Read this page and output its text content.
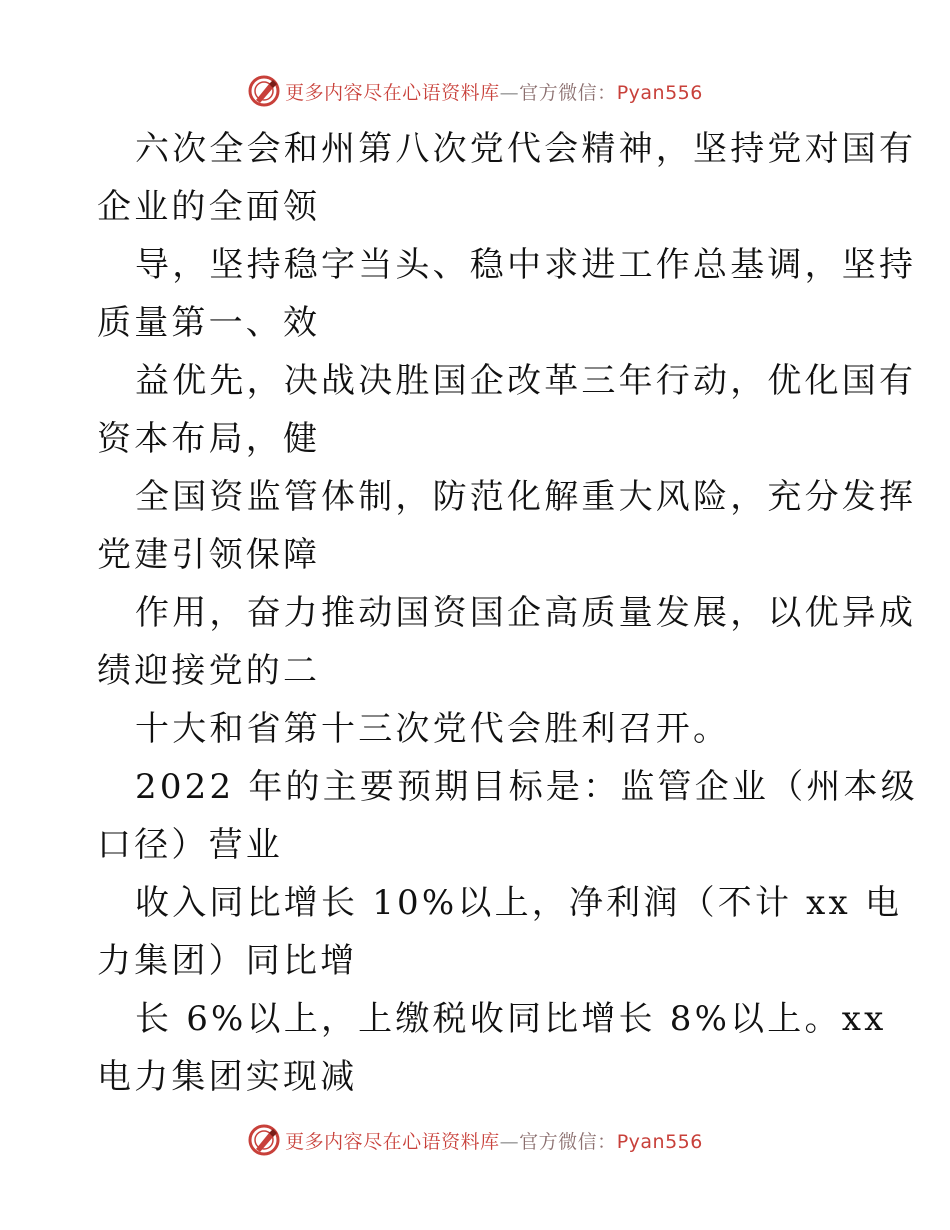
更多内容尽在心语资料库—官方微信：Pyan556
六次全会和州第八次党代会精神，坚持党对国有
企业的全面领
导，坚持稳字当头、稳中求进工作总基调，坚持
质量第一、效
益优先，决战决胜国企改革三年行动，优化国有
资本布局，健
全国资监管体制，防范化解重大风险，充分发挥
党建引领保障
作用，奋力推动国资国企高质量发展，以优异成
绩迎接党的二
十大和省第十三次党代会胜利召开。
2022 年的主要预期目标是：监管企业（州本级
口径）营业
收入同比增长 10%以上，净利润（不计 xx 电
力集团）同比增
长 6%以上，上缴税收同比增长 8%以上。xx
电力集团实现减
更多内容尽在心语资料库—官方微信：Pyan556
